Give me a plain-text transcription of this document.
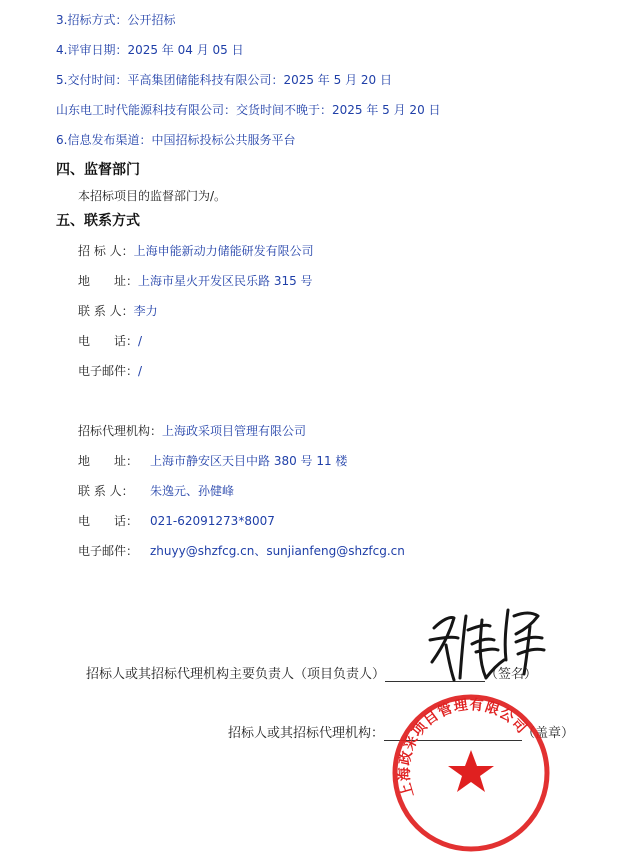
3.招标方式：公开招标
4.评审日期：2025 年 04 月 05 日
5.交付时间：平高集团储能科技有限公司：2025 年 5 月 20 日
山东电工时代能源科技有限公司：交货时间不晚于：2025 年 5 月 20 日
6.信息发布渠道：中国招标投标公共服务平台
四、监督部门
本招标项目的监督部门为/。
五、联系方式
招 标 人：上海申能新动力储能研发有限公司
地　　址：上海市星火开发区民乐路 315 号
联 系 人：李力
电　　话：/
电子邮件：/
招标代理机构：上海政采项目管理有限公司
地　　址： 上海市静安区天目中路 380 号 11 楼
联 系 人： 朱逸元、孙健峰
电　　话： 021-62091273*8007
电子邮件： zhuyy@shzfcg.cn、sunjianfeng@shzfcg.cn
招标人或其招标代理机构主要负责人（项目负责人）	（签名）
招标人或其招标代理机构：	（盖章）
上海政采项目管理有限公司
